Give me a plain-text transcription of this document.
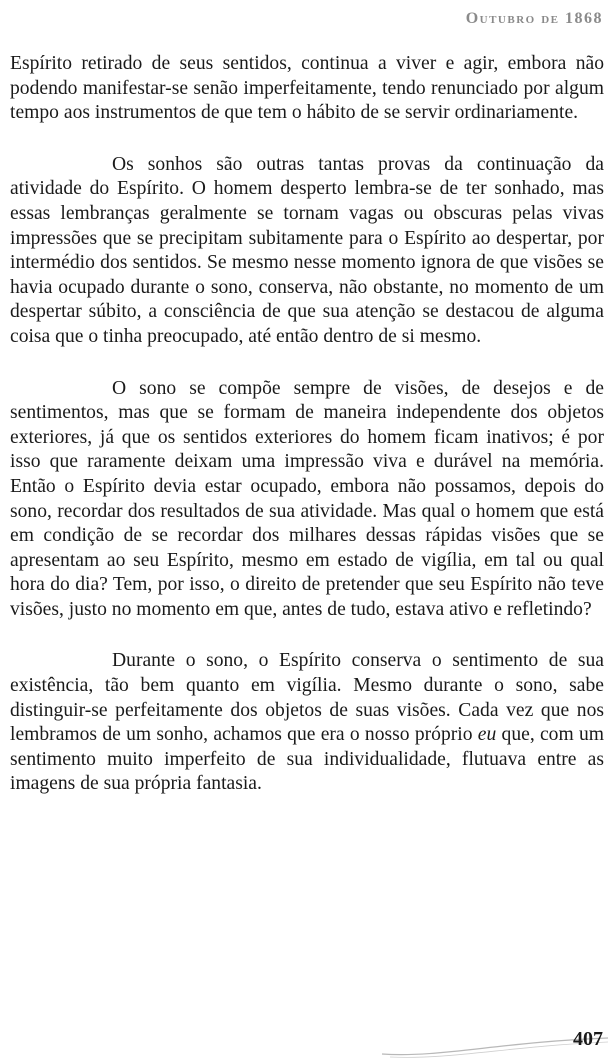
Outubro de 1868

Espírito retirado de seus sentidos, continua a viver e agir, embora não podendo manifestar-se senão imperfeitamente, tendo renunciado por algum tempo aos instrumentos de que tem o hábito de se servir ordinariamente.

Os sonhos são outras tantas provas da continuação da atividade do Espírito. O homem desperto lembra-se de ter sonhado, mas essas lembranças geralmente se tornam vagas ou obscuras pelas vivas impressões que se precipitam subitamente para o Espírito ao despertar, por intermédio dos sentidos. Se mesmo nesse momento ignora de que visões se havia ocupado durante o sono, conserva, não obstante, no momento de um despertar súbito, a consciência de que sua atenção se destacou de alguma coisa que o tinha preocupado, até então dentro de si mesmo.

O sono se compõe sempre de visões, de desejos e de sentimentos, mas que se formam de maneira independente dos objetos exteriores, já que os sentidos exteriores do homem ficam inativos; é por isso que raramente deixam uma impressão viva e durável na memória. Então o Espírito devia estar ocupado, embora não possamos, depois do sono, recordar dos resultados de sua atividade. Mas qual o homem que está em condição de se recordar dos milhares dessas rápidas visões que se apresentam ao seu Espírito, mesmo em estado de vigília, em tal ou qual hora do dia? Tem, por isso, o direito de pretender que seu Espírito não teve visões, justo no momento em que, antes de tudo, estava ativo e refletindo?

Durante o sono, o Espírito conserva o sentimento de sua existência, tão bem quanto em vigília. Mesmo durante o sono, sabe distinguir-se perfeitamente dos objetos de suas visões. Cada vez que nos lembramos de um sonho, achamos que era o nosso próprio eu que, com um sentimento muito imperfeito de sua individualidade, flutuava entre as imagens de sua própria fantasia.

407
